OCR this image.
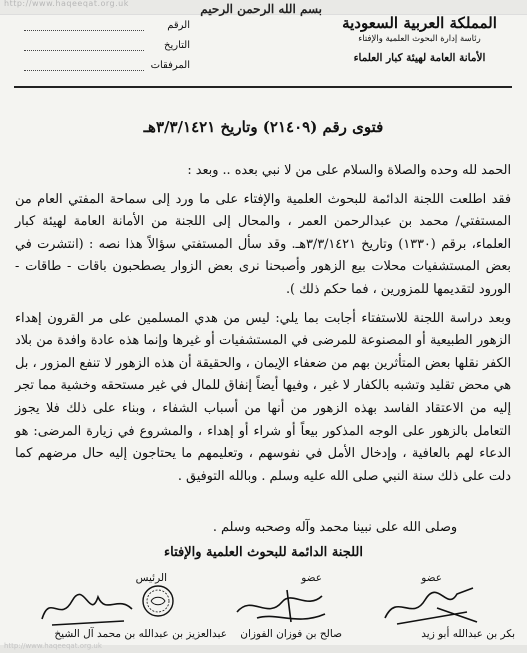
http://www.haqeeqat.org.uk	بسم الله الرحمن الرحيم
المملكة العربية السعودية
رئاسة إدارة البحوث العلمية والإفتاء
الأمانة العامة لهيئة كبار العلماء
الرقم
التاريخ
المرفقات
فتوى رقم (٢١٤٠٩) وتاريخ ٣/٣/١٤٢١هـ

الحمد لله وحده والصلاة والسلام على من لا نبي بعده .. وبعد :

فقد اطلعت اللجنة الدائمة للبحوث العلمية والإفتاء على ما ورد إلى سماحة المفتي العام من المستفتي/ محمد بن عبدالرحمن العمر ، والمحال إلى اللجنة من الأمانة العامة لهيئة كبار العلماء، برقم (١٣٣٠) وتاريخ ٣/٣/١٤٢١هـ. وقد سأل المستفتي سؤالاً هذا نصه : (انتشرت في بعض المستشفيات محلات بيع الزهور وأصبحنا نرى بعض الزوار يصطحبون باقات - طاقات - الورود لتقديمها للمزورين ، فما حكم ذلك ).

وبعد دراسة اللجنة للاستفتاء أجابت بما يلي: ليس من هدي المسلمين على مر القرون إهداء الزهور الطبيعية أو المصنوعة للمرضى في المستشفيات أو غيرها وإنما هذه عادة وافدة من بلاد الكفر نقلها بعض المتأثرين بهم من ضعفاء الإيمان ، والحقيقة أن هذه الزهور لا تنفع المزور ، بل هي محض تقليد وتشبه بالكفار لا غير ، وفيها أيضاً إنفاق للمال في غير مستحقه وخشية مما تجر إليه من الاعتقاد الفاسد بهذه الزهور من أنها من أسباب الشفاء ، وبناء على ذلك فلا يجوز التعامل بالزهور على الوجه المذكور بيعاً أو شراء أو إهداء ، والمشروع في زيارة المرضى: هو الدعاء لهم بالعافية ، وإدخال الأمل في نفوسهم ، وتعليمهم ما يحتاجون إليه حال مرضهم كما دلت على ذلك سنة النبي صلى الله عليه وسلم . وبالله التوفيق .

وصلى الله على نبينا محمد وآله وصحبه وسلم .
اللجنة الدائمة للبحوث العلمية والإفتاء
عضو
عضو
الرئيس
بكر بن عبدالله أبو زيد
صالح بن فوزان الفوزان
عبدالعزيز بن عبدالله بن محمد آل الشيخ
http://www.haqeeqat.org.uk
